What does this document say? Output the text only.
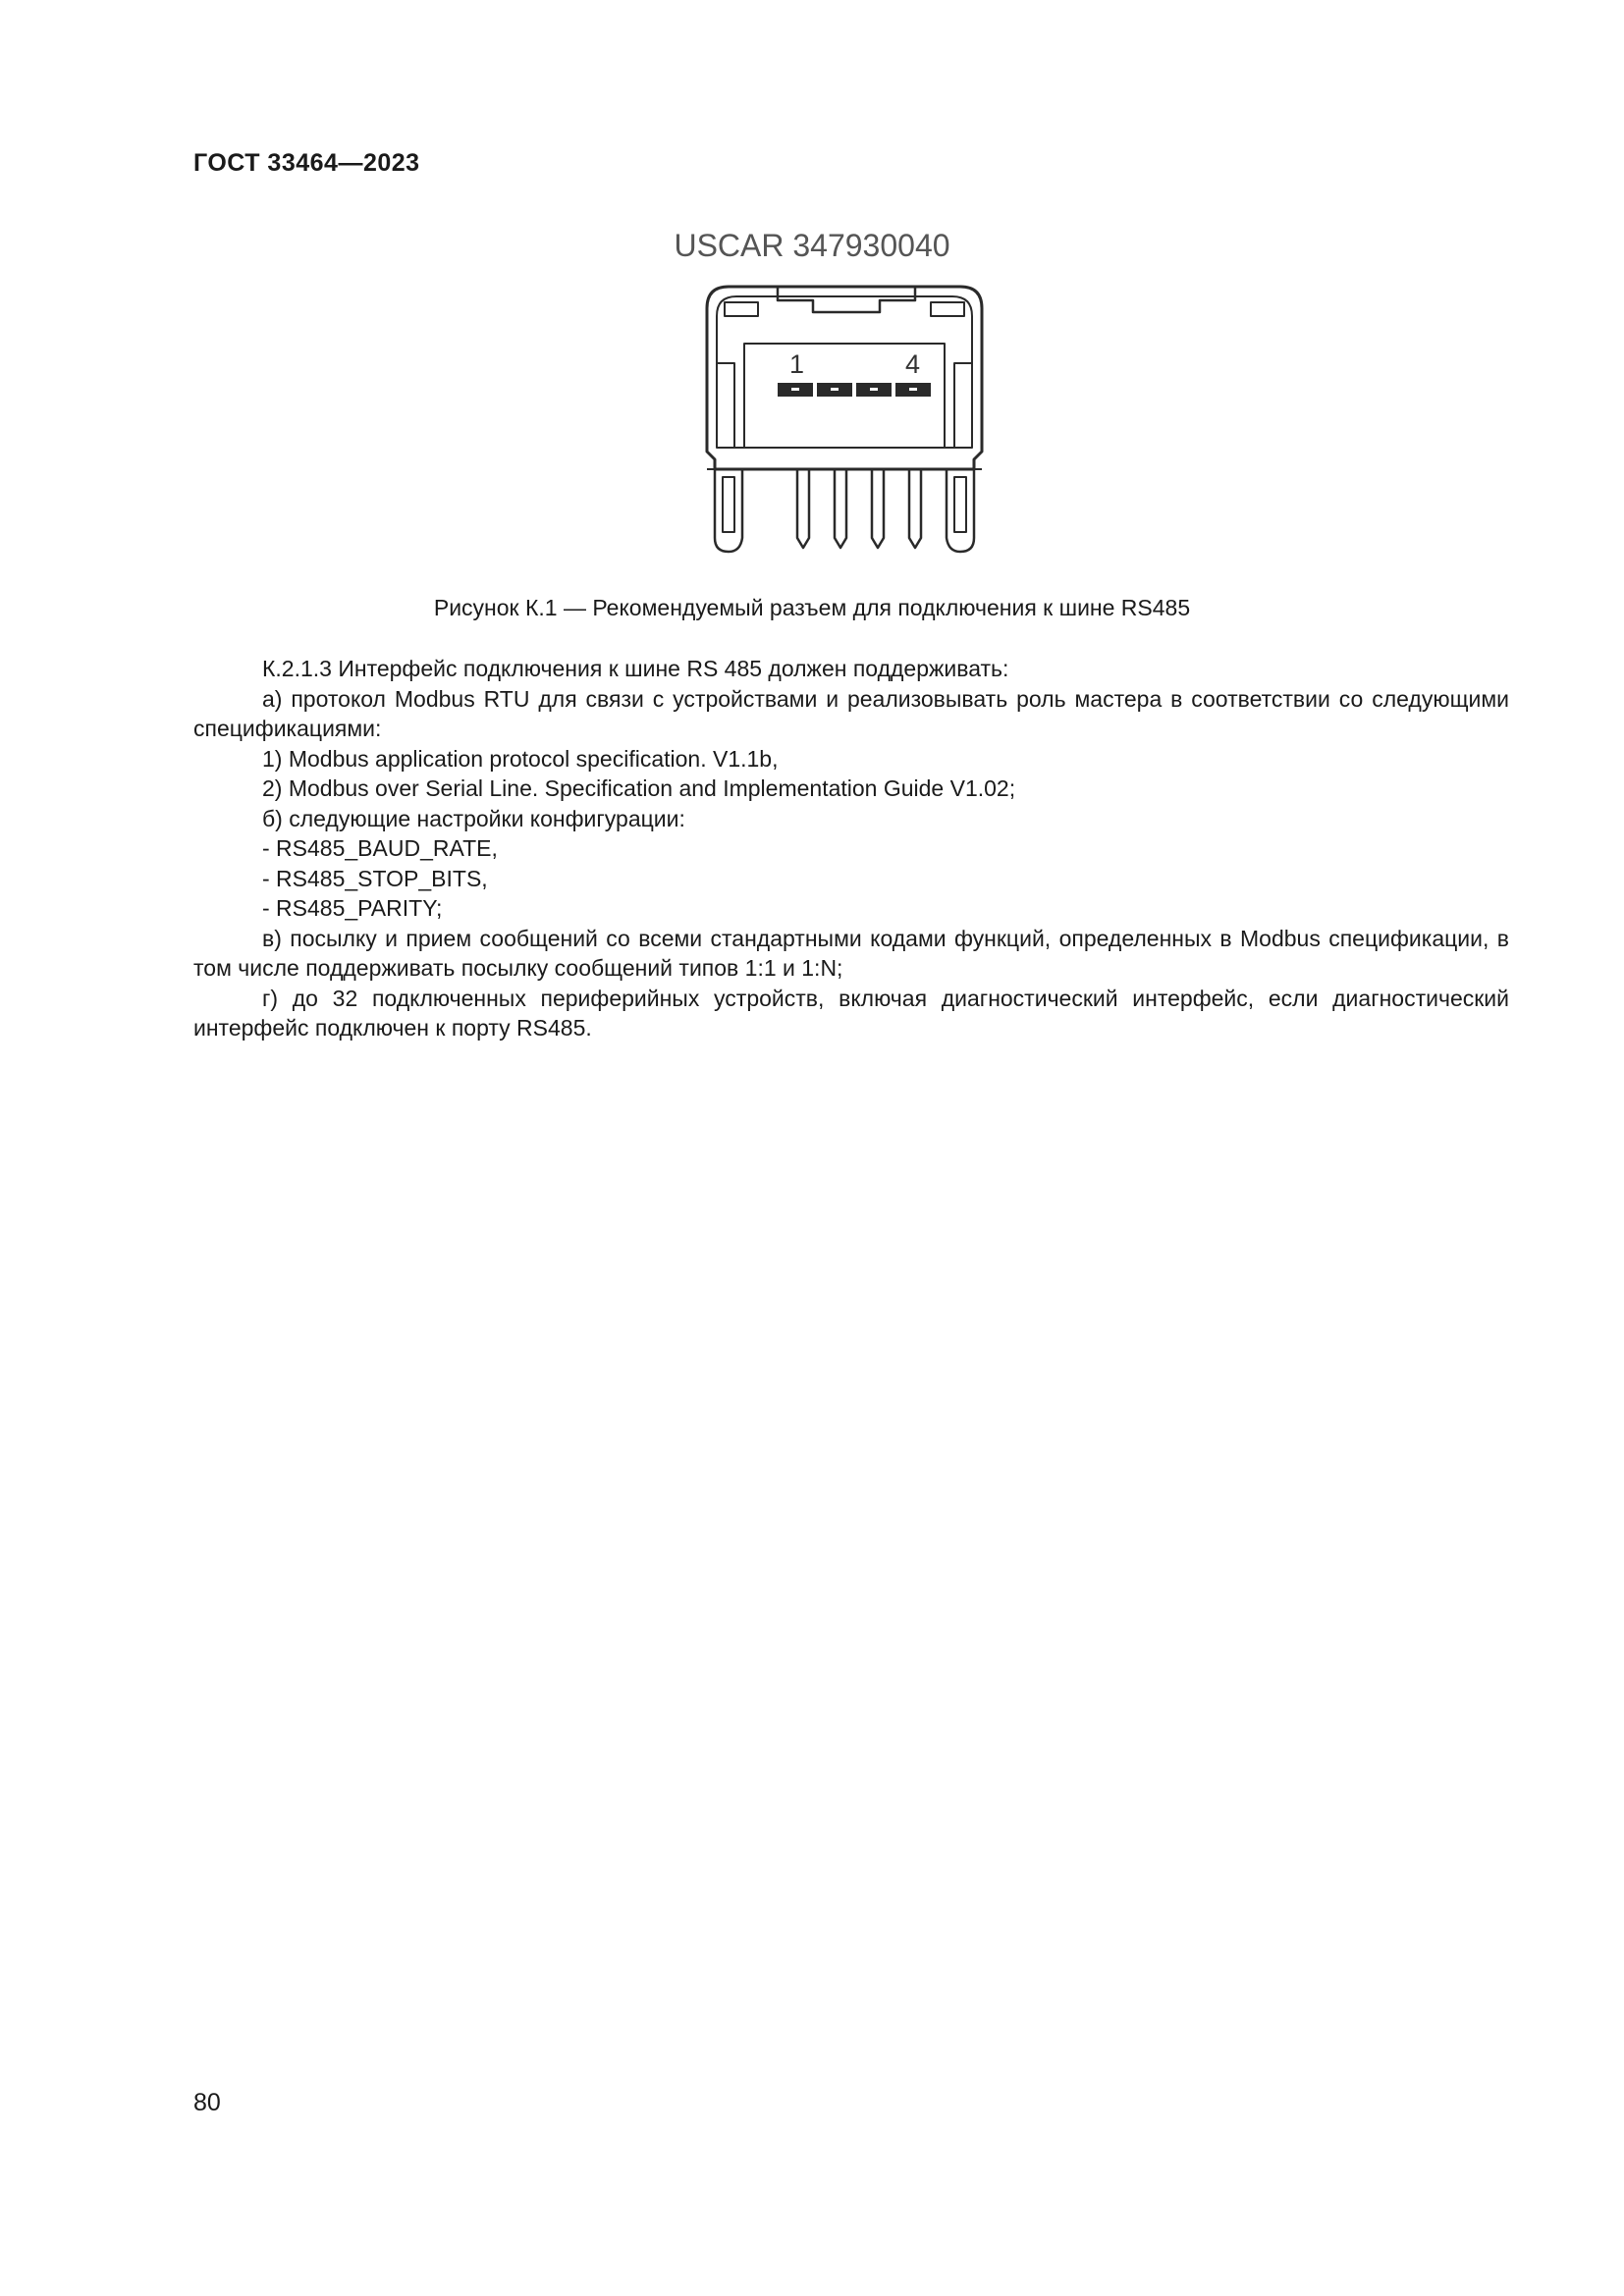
ГОСТ 33464—2023
USCAR 347930040
1	4
Рисунок К.1 — Рекомендуемый разъем для подключения к шине RS485

К.2.1.3 Интерфейс подключения к шине RS 485 должен поддерживать:

а) протокол Modbus RTU для связи с устройствами и реализовывать роль мастера в соответствии со следующими спецификациями:

1) Modbus application protocol specification. V1.1b,

2) Modbus over Serial Line. Specification and Implementation Guide V1.02;

б) следующие настройки конфигурации:

- RS485_BAUD_RATE,

- RS485_STOP_BITS,

- RS485_PARITY;

в) посылку и прием сообщений со всеми стандартными кодами функций, определенных в Modbus спецификации, в том числе поддерживать посылку сообщений типов 1:1 и 1:N;

г) до 32 подключенных периферийных устройств, включая диагностический интерфейс, если диагностический интерфейс подключен к порту RS485.

80
